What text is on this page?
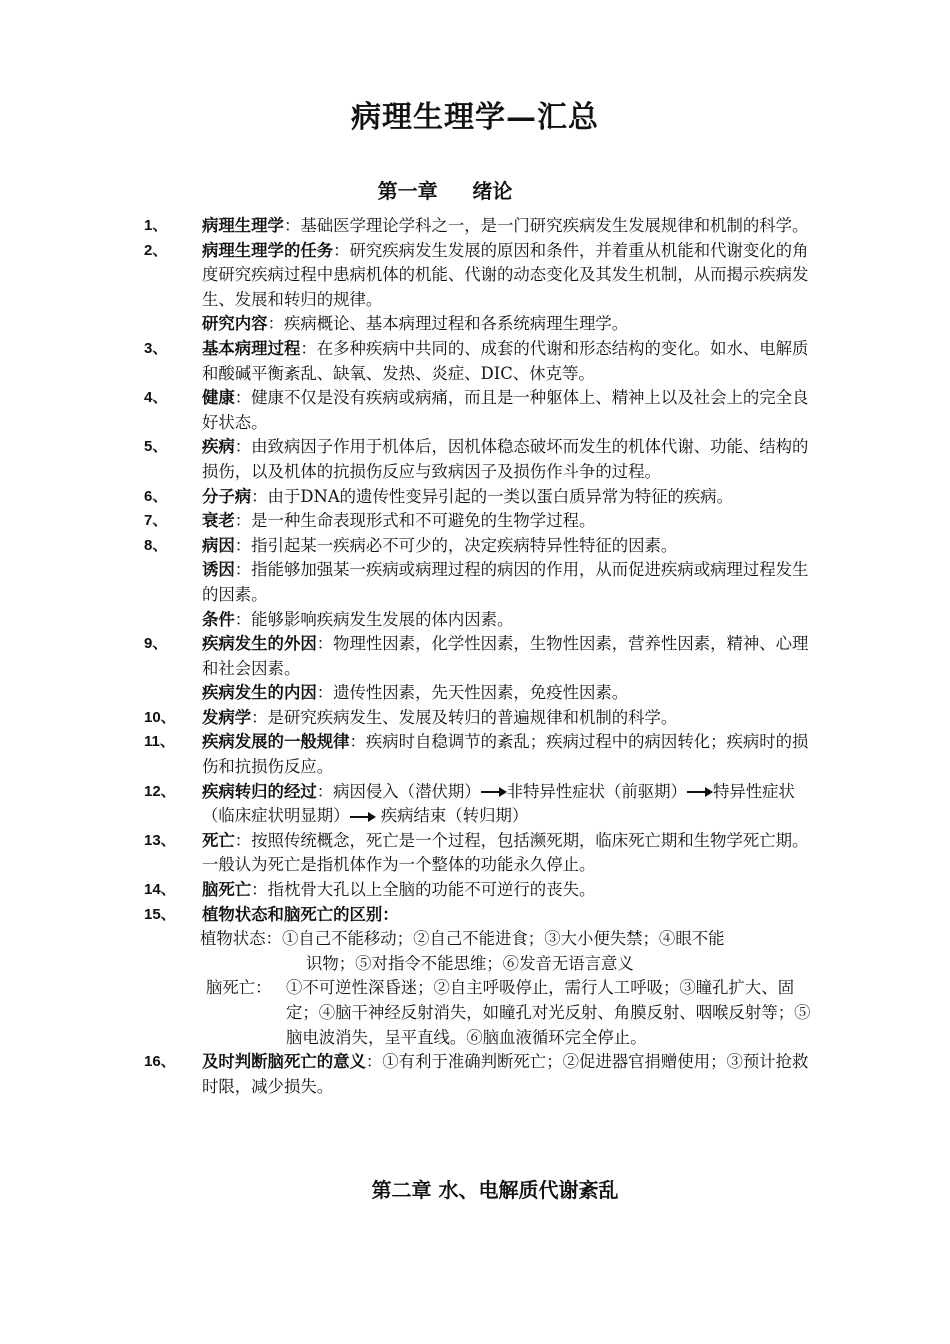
病理生理学—汇总
第一章     绪论
1、	病理生理学：基础医学理论学科之一，是一门研究疾病发生发展规律和机制的科学。
2、	病理生理学的任务：研究疾病发生发展的原因和条件，并着重从机能和代谢变化的角度研究疾病过程中患病机体的机能、代谢的动态变化及其发生机制，从而揭示疾病发生、发展和转归的规律。
研究内容：疾病概论、基本病理过程和各系统病理生理学。
3、	基本病理过程：在多种疾病中共同的、成套的代谢和形态结构的变化。如水、电解质和酸碱平衡紊乱、缺氧、发热、炎症、DIC、休克等。
4、	健康：健康不仅是没有疾病或病痛，而且是一种躯体上、精神上以及社会上的完全良好状态。
5、	疾病：由致病因子作用于机体后，因机体稳态破坏而发生的机体代谢、功能、结构的损伤，以及机体的抗损伤反应与致病因子及损伤作斗争的过程。
6、	分子病：由于DNA的遗传性变异引起的一类以蛋白质异常为特征的疾病。
7、	衰老：是一种生命表现形式和不可避免的生物学过程。
8、	病因：指引起某一疾病必不可少的，决定疾病特异性特征的因素。
诱因：指能够加强某一疾病或病理过程的病因的作用，从而促进疾病或病理过程发生的因素。
条件：能够影响疾病发生发展的体内因素。
9、	疾病发生的外因：物理性因素，化学性因素，生物性因素，营养性因素，精神、心理和社会因素。
疾病发生的内因：遗传性因素，先天性因素，免疫性因素。
10、	发病学：是研究疾病发生、发展及转归的普遍规律和机制的科学。
11、	疾病发展的一般规律：疾病时自稳调节的紊乱；疾病过程中的病因转化；疾病时的损伤和抗损伤反应。
12、	疾病转归的经过：病因侵入（潜伏期） 非特异性症状（前驱期） 特异性症状（临床症状明显期） 疾病结束（转归期）
13、	死亡：按照传统概念，死亡是一个过程，包括濒死期，临床死亡期和生物学死亡期。一般认为死亡是指机体作为一个整体的功能永久停止。
14、	脑死亡：指枕骨大孔以上全脑的功能不可逆行的丧失。
15、	植物状态和脑死亡的区别：
植物状态：①自己不能移动；②自己不能进食；③大小便失禁；④眼不能
识物；⑤对指令不能思维；⑥发音无语言意义
脑死亡： ①不可逆性深昏迷；②自主呼吸停止，需行人工呼吸；③瞳孔扩大、固定；④脑干神经反射消失，如瞳孔对光反射、角膜反射、咽喉反射等；⑤脑电波消失，呈平直线。⑥脑血液循环完全停止。
16、	及时判断脑死亡的意义：①有利于准确判断死亡；②促进器官捐赠使用；③预计抢救时限，减少损失。
第二章 水、电解质代谢紊乱
